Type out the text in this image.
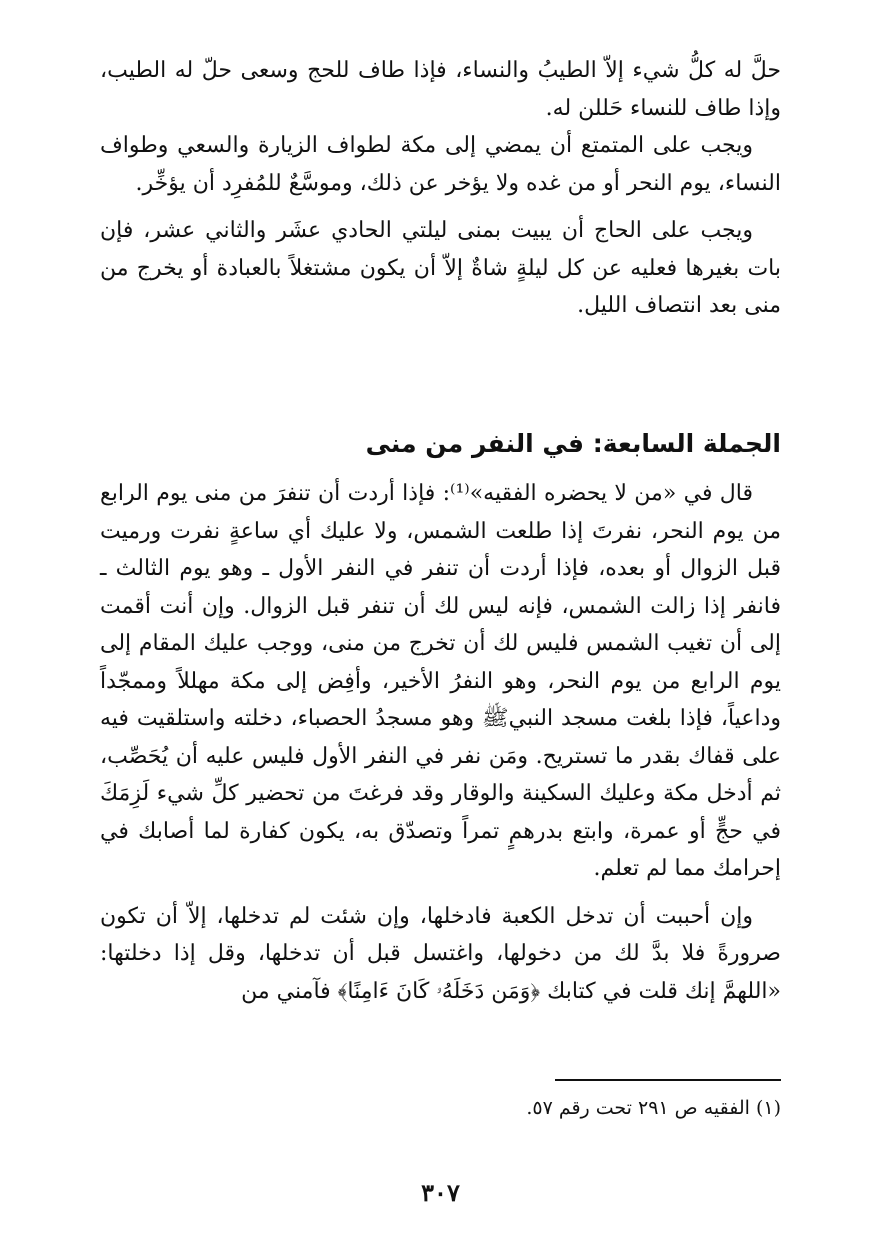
حلَّ له كلُّ شيء إلاّ الطيبُ والنساء، فإذا طاف للحج وسعى حلّ له الطيب، وإذا طاف للنساء حَللن له.

ويجب على المتمتع أن يمضي إلى مكة لطواف الزيارة والسعي وطواف النساء، يوم النحر أو من غده ولا يؤخر عن ذلك، وموسَّعٌ للمُفرِد أن يؤخِّر.

ويجب على الحاج أن يبيت بمنى ليلتي الحادي عشَر والثاني عشر، فإن بات بغيرها فعليه عن كل ليلةٍ شاةٌ إلاّ أن يكون مشتغلاً بالعبادة أو يخرج من منى بعد انتصاف الليل.

الجملة السابعة: في النفر من منى

قال في «من لا يحضره الفقيه»⁽¹⁾: فإذا أردت أن تنفرَ من منى يوم الرابع من يوم النحر، نفرتَ إذا طلعت الشمس، ولا عليك أي ساعةٍ نفرت ورميت قبل الزوال أو بعده، فإذا أردت أن تنفر في النفر الأول ـ وهو يوم الثالث ـ فانفر إذا زالت الشمس، فإنه ليس لك أن تنفر قبل الزوال. وإن أنت أقمت إلى أن تغيب الشمس فليس لك أن تخرج من منى، ووجب عليك المقام إلى يوم الرابع من يوم النحر، وهو النفرُ الأخير، وأفِض إلى مكة مهللاً وممجّداً وداعياً، فإذا بلغت مسجد النبيﷺ وهو مسجدُ الحصباء، دخلته واستلقيت فيه على قفاك بقدر ما تستريح. ومَن نفر في النفر الأول فليس عليه أن يُحَصِّب، ثم أدخل مكة وعليك السكينة والوقار وقد فرغتَ من تحضير كلِّ شيء لَزِمَكَ في حجٍّ أو عمرة، وابتع بدرهمٍ تمراً وتصدّق به، يكون كفارة لما أصابك في إحرامك مما لم تعلم.

وإن أحببت أن تدخل الكعبة فادخلها، وإن شئت لم تدخلها، إلاّ أن تكون صرورةً فلا بدَّ لك من دخولها، واغتسل قبل أن تدخلها، وقل إذا دخلتها: «اللهمَّ إنك قلت في كتابك ﴿وَمَن دَخَلَهُۥ كَانَ ءَامِنًا﴾ فآمني من

(١) الفقيه ص ٢٩١ تحت رقم ٥٧.
٣٠٧
